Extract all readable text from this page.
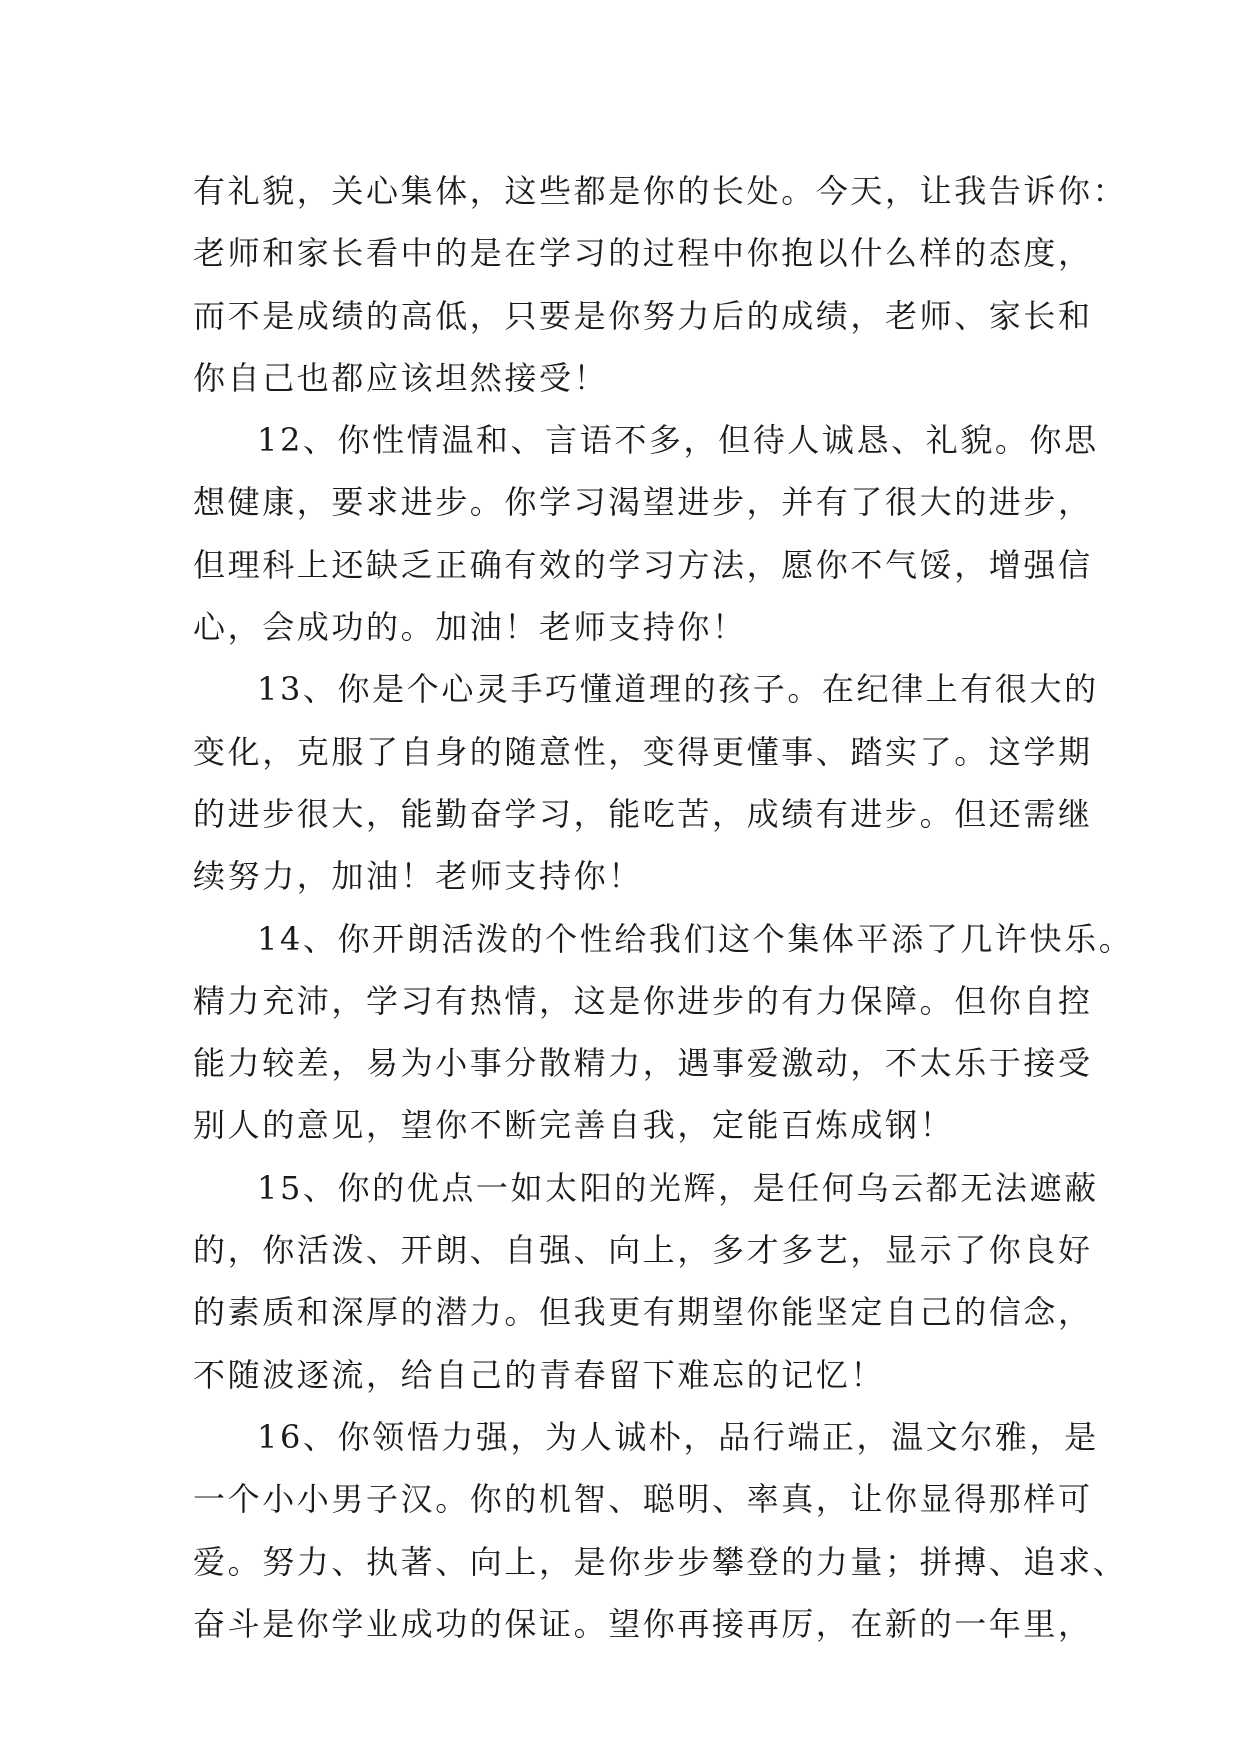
有礼貌，关心集体，这些都是你的长处。今天，让我告诉你：
老师和家长看中的是在学习的过程中你抱以什么样的态度，
而不是成绩的高低，只要是你努力后的成绩，老师、家长和
你自己也都应该坦然接受！

12、你性情温和、言语不多，但待人诚恳、礼貌。你思
想健康，要求进步。你学习渴望进步，并有了很大的进步，
但理科上还缺乏正确有效的学习方法，愿你不气馁，增强信
心，会成功的。加油！老师支持你！

13、你是个心灵手巧懂道理的孩子。在纪律上有很大的
变化，克服了自身的随意性，变得更懂事、踏实了。这学期
的进步很大，能勤奋学习，能吃苦，成绩有进步。但还需继
续努力，加油！老师支持你！

14、你开朗活泼的个性给我们这个集体平添了几许快乐。
精力充沛，学习有热情，这是你进步的有力保障。但你自控
能力较差，易为小事分散精力，遇事爱激动，不太乐于接受
别人的意见，望你不断完善自我，定能百炼成钢！

15、你的优点一如太阳的光辉，是任何乌云都无法遮蔽
的，你活泼、开朗、自强、向上，多才多艺，显示了你良好
的素质和深厚的潜力。但我更有期望你能坚定自己的信念，
不随波逐流，给自己的青春留下难忘的记忆！

16、你领悟力强，为人诚朴，品行端正，温文尔雅，是
一个小小男子汉。你的机智、聪明、率真，让你显得那样可
爱。努力、执著、向上，是你步步攀登的力量；拼搏、追求、
奋斗是你学业成功的保证。望你再接再厉，在新的一年里，
